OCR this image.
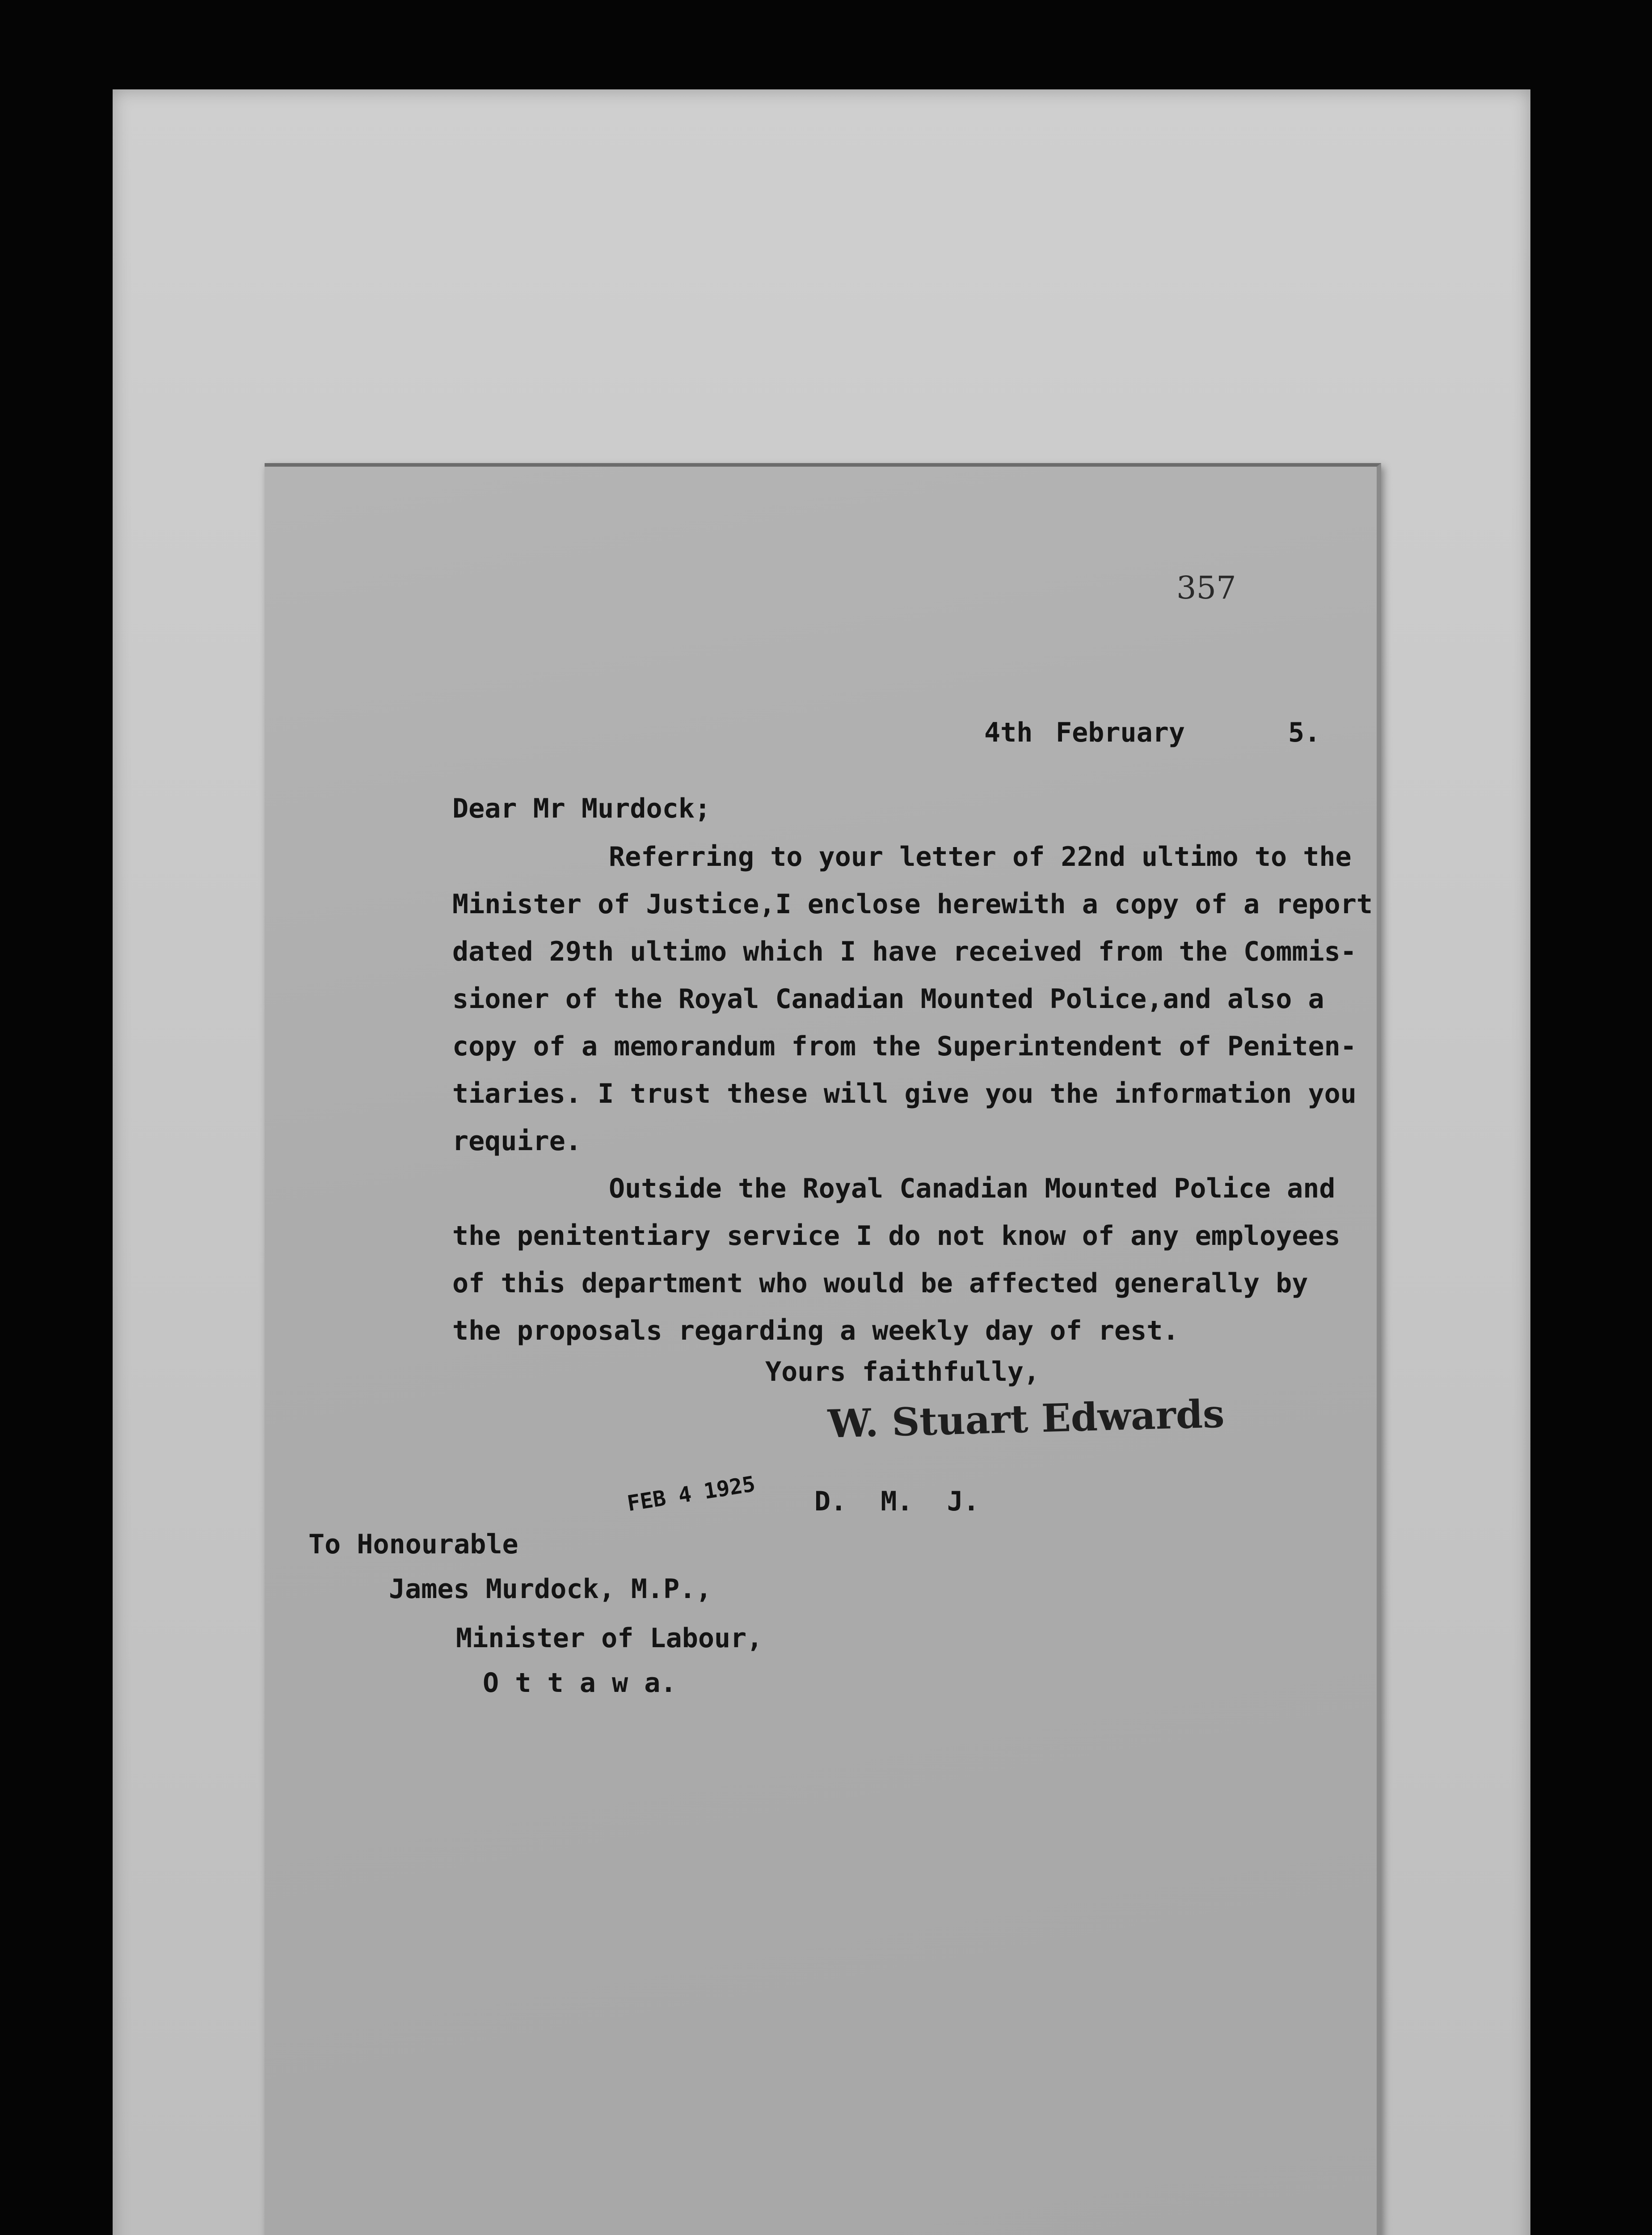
357
4th February	5.
Dear Mr Murdock;
Referring to your letter of 22nd ultimo to the
Minister of Justice,I enclose herewith a copy of a report
dated 29th ultimo which I have received from the Commis-
sioner of the Royal Canadian Mounted Police,and also a
copy of a memorandum from the Superintendent of Peniten-
tiaries. I trust these will give you the information you
require.
Outside the Royal Canadian Mounted Police and
the penitentiary service I do not know of any employees
of this department who would be affected generally by
the proposals regarding a weekly day of rest.
Yours faithfully,
W. Stuart Edwards
FEB 4 1925 D. M. J.
To Honourable
James Murdock, M.P.,
Minister of Labour,
O t t a w a.
